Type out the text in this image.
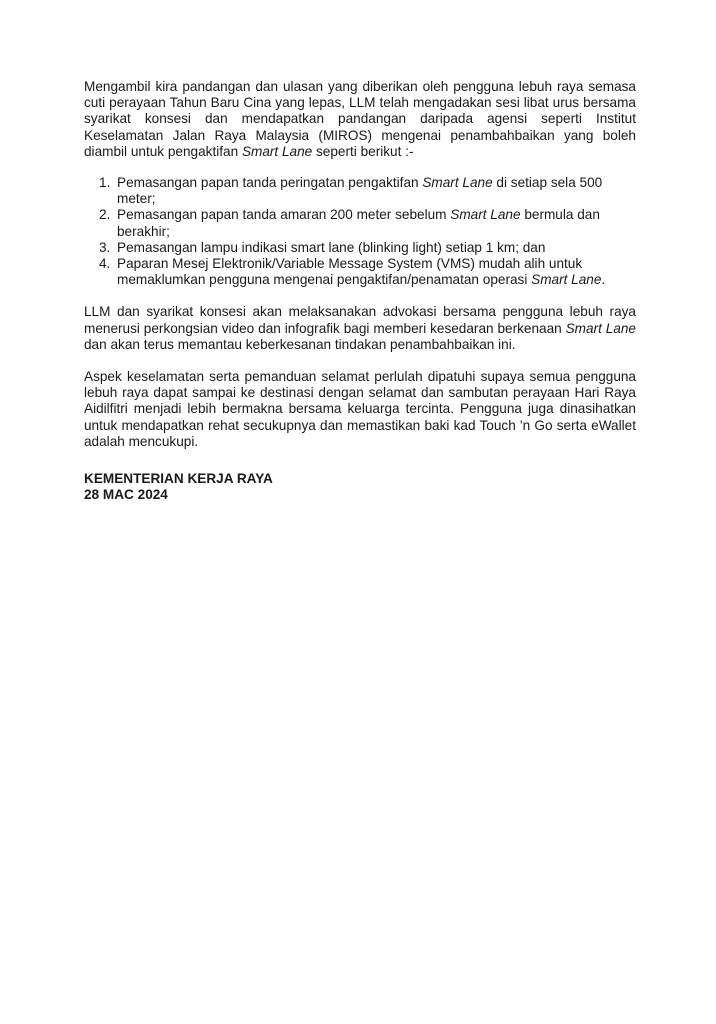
Mengambil kira pandangan dan ulasan yang diberikan oleh pengguna lebuh raya semasa cuti perayaan Tahun Baru Cina yang lepas, LLM telah mengadakan sesi libat urus bersama syarikat konsesi dan mendapatkan pandangan daripada agensi seperti Institut Keselamatan Jalan Raya Malaysia (MIROS) mengenai penambahbaikan yang boleh diambil untuk pengaktifan Smart Lane seperti berikut :-

1. Pemasangan papan tanda peringatan pengaktifan Smart Lane di setiap sela 500 meter;
2. Pemasangan papan tanda amaran 200 meter sebelum Smart Lane bermula dan berakhir;
3. Pemasangan lampu indikasi smart lane (blinking light) setiap 1 km; dan
4. Paparan Mesej Elektronik/Variable Message System (VMS) mudah alih untuk memaklumkan pengguna mengenai pengaktifan/penamatan operasi Smart Lane.

LLM dan syarikat konsesi akan melaksanakan advokasi bersama pengguna lebuh raya menerusi perkongsian video dan infografik bagi memberi kesedaran berkenaan Smart Lane dan akan terus memantau keberkesanan tindakan penambahbaikan ini.

Aspek keselamatan serta pemanduan selamat perlulah dipatuhi supaya semua pengguna lebuh raya dapat sampai ke destinasi dengan selamat dan sambutan perayaan Hari Raya Aidilfitri menjadi lebih bermakna bersama keluarga tercinta. Pengguna juga dinasihatkan untuk mendapatkan rehat secukupnya dan memastikan baki kad Touch 'n Go serta eWallet adalah mencukupi.

KEMENTERIAN KERJA RAYA
28 MAC 2024
